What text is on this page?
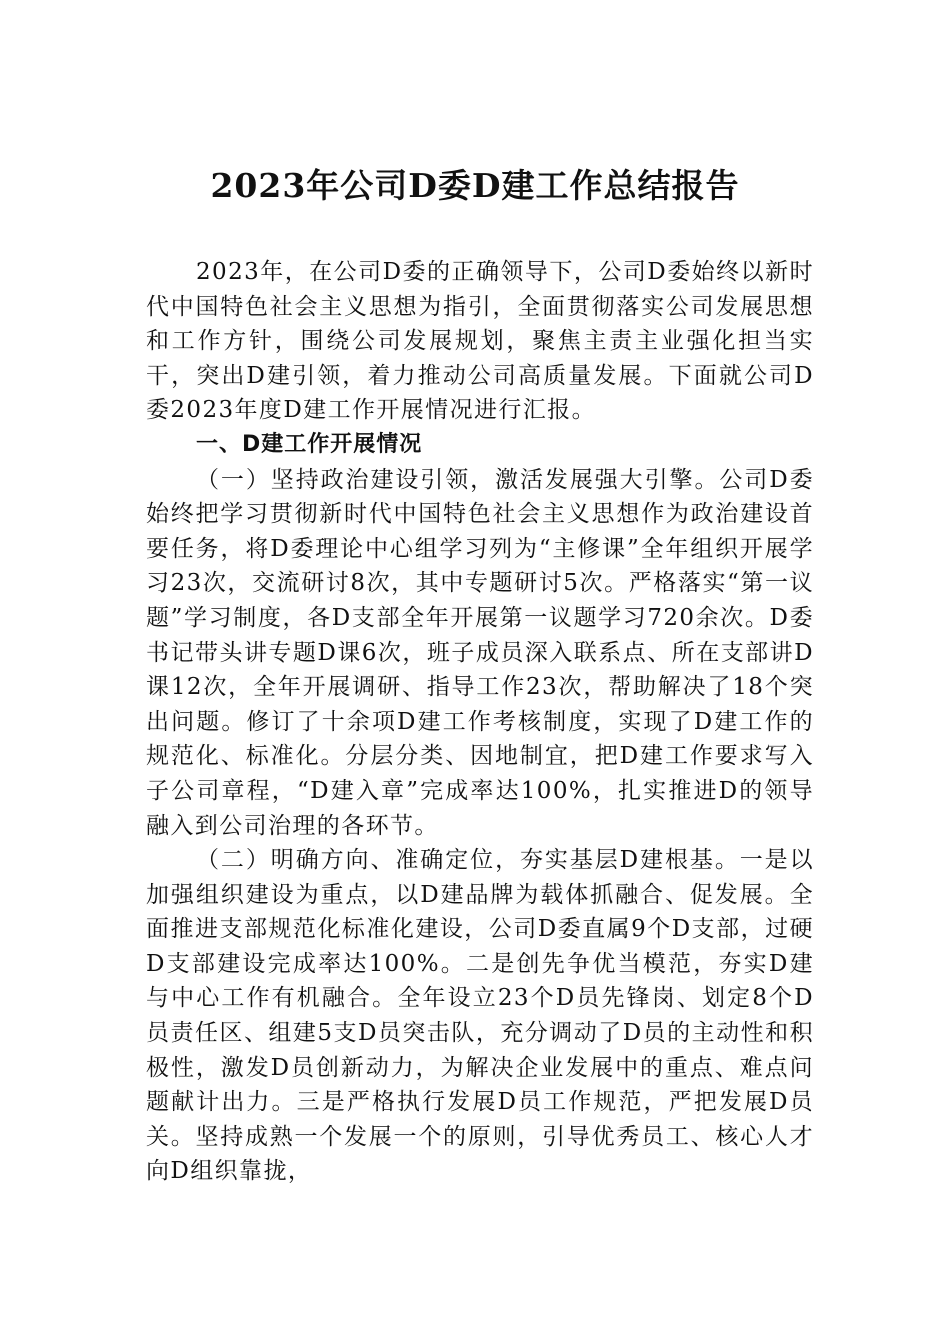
2023年公司D委D建工作总结报告

2023年，在公司D委的正确领导下，公司D委始终以新时代中国特色社会主义思想为指引，全面贯彻落实公司发展思想和工作方针，围绕公司发展规划，聚焦主责主业强化担当实干，突出D建引领，着力推动公司高质量发展。下面就公司D委2023年度D建工作开展情况进行汇报。

一、D建工作开展情况

（一）坚持政治建设引领，激活发展强大引擎。公司D委始终把学习贯彻新时代中国特色社会主义思想作为政治建设首要任务，将D委理论中心组学习列为“主修课”全年组织开展学习23次，交流研讨8次，其中专题研讨5次。严格落实“第一议题”学习制度，各D支部全年开展第一议题学习720余次。D委书记带头讲专题D课6次，班子成员深入联系点、所在支部讲D课12次，全年开展调研、指导工作23次，帮助解决了18个突出问题。修订了十余项D建工作考核制度，实现了D建工作的规范化、标准化。分层分类、因地制宜，把D建工作要求写入子公司章程，“D建入章”完成率达100%，扎实推进D的领导融入到公司治理的各环节。

（二）明确方向、准确定位，夯实基层D建根基。一是以加强组织建设为重点，以D建品牌为载体抓融合、促发展。全面推进支部规范化标准化建设，公司D委直属9个D支部，过硬D支部建设完成率达100%。二是创先争优当模范，夯实D建与中心工作有机融合。全年设立23个D员先锋岗、划定8个D员责任区、组建5支D员突击队，充分调动了D员的主动性和积极性，激发D员创新动力，为解决企业发展中的重点、难点问题献计出力。三是严格执行发展D员工作规范，严把发展D员关。坚持成熟一个发展一个的原则，引导优秀员工、核心人才向D组织靠拢，
